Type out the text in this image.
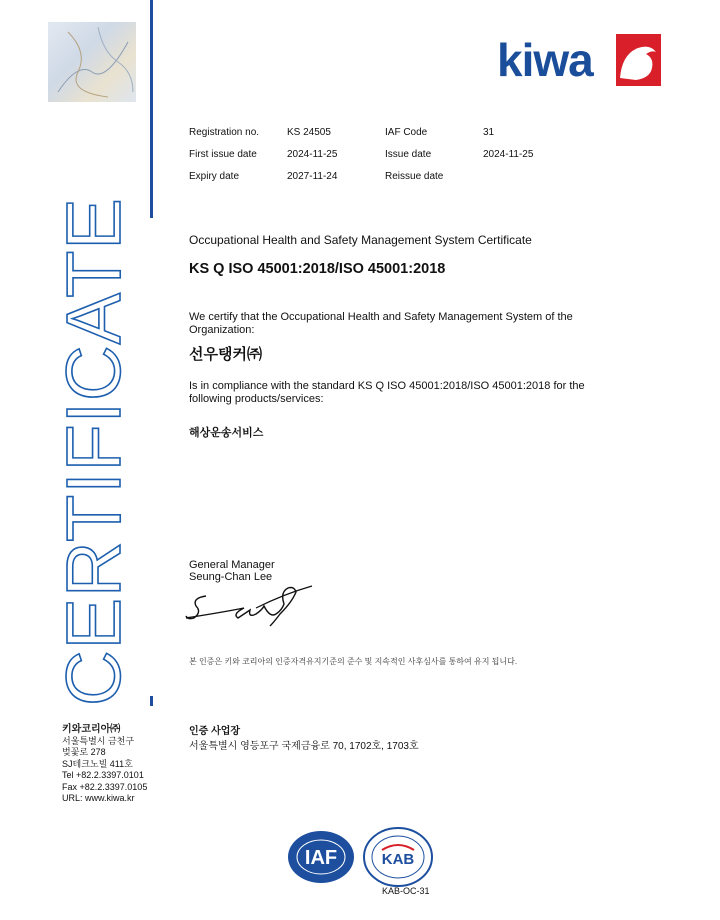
CERTIFICATE
kiwa
Registration no.	KS 24505	IAF Code	31
First issue date	2024-11-25	Issue date	2024-11-25
Expiry date	2027-11-24	Reissue date
Occupational Health and Safety Management System Certificate
KS Q ISO 45001:2018/ISO 45001:2018
We certify that the Occupational Health and Safety Management System of the Organization:
선우탱커㈜
Is in compliance with the standard KS Q ISO 45001:2018/ISO 45001:2018 for the following products/services:
해상운송서비스
General Manager
Seung-Chan Lee
본 인증은 키와 코리아의 인증자격유지기준의 준수 및 지속적인 사후심사를 통하여 유지 됩니다.
키와코리아㈜
서울특별시 금천구
벚꽃로 278
SJ테크노빌 411호
Tel +82.2.3397.0101
Fax +82.2.3397.0105
URL: www.kiwa.kr
인증 사업장
서울특별시 영등포구 국제금융로 70, 1702호, 1703호
IAF	KAB
KAB-OC-31
